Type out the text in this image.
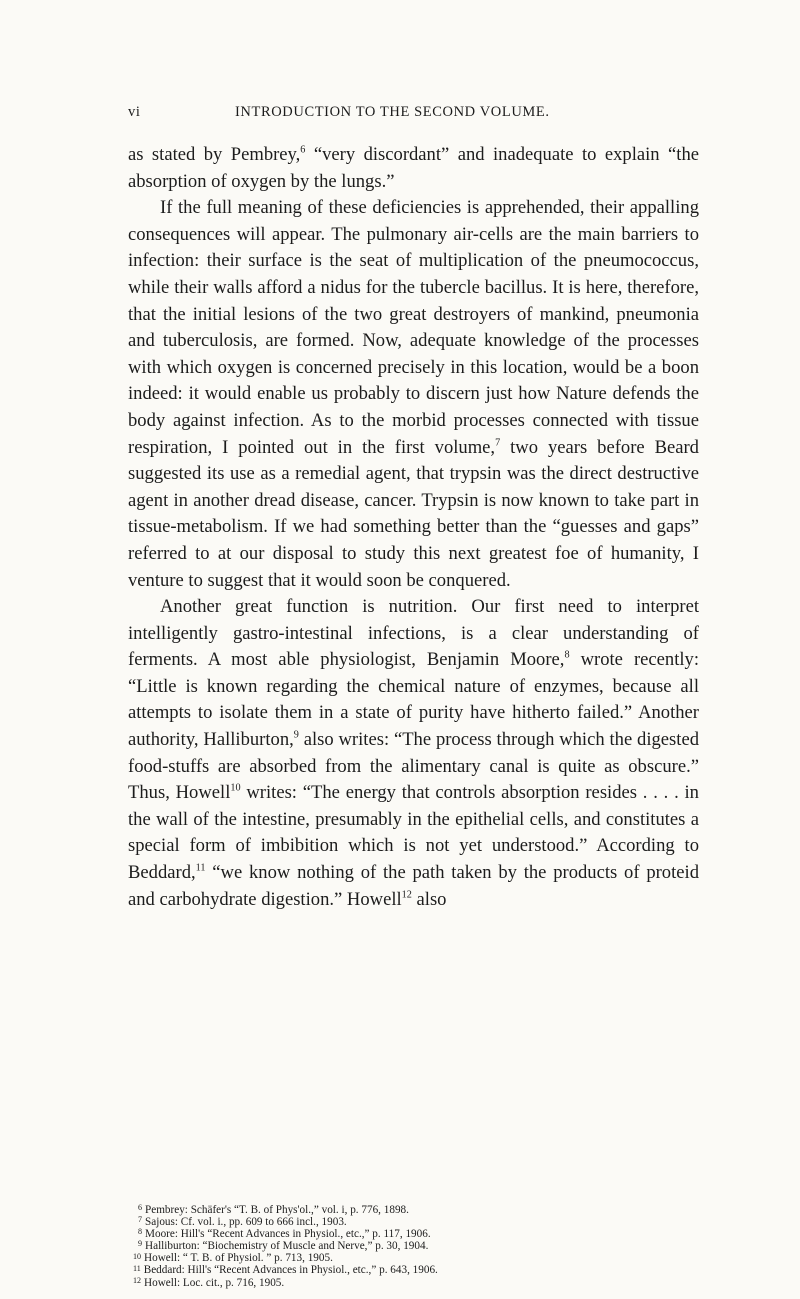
vi	INTRODUCTION TO THE SECOND VOLUME.

as stated by Pembrey,$^6$ “very discordant” and inadequate to explain “the absorption of oxygen by the lungs.”

If the full meaning of these deficiencies is apprehended, their appalling consequences will appear. The pulmonary air-cells are the main barriers to infection: their surface is the seat of multiplication of the pneumococcus, while their walls afford a nidus for the tubercle bacillus. It is here, therefore, that the initial lesions of the two great destroyers of mankind, pneumonia and tuberculosis, are formed. Now, adequate knowledge of the processes with which oxygen is concerned precisely in this location, would be a boon indeed: it would enable us probably to discern just how Nature defends the body against infection. As to the morbid processes connected with tissue respiration, I pointed out in the first volume,$^7$ two years before Beard suggested its use as a remedial agent, that trypsin was the direct destructive agent in another dread disease, cancer. Trypsin is now known to take part in tissue-metabolism. If we had something better than the “guesses and gaps” referred to at our disposal to study this next greatest foe of humanity, I venture to suggest that it would soon be conquered.

Another great function is nutrition. Our first need to interpret intelligently gastro-intestinal infections, is a clear understanding of ferments. A most able physiologist, Benjamin Moore,$^8$ wrote recently: “Little is known regarding the chemical nature of enzymes, because all attempts to isolate them in a state of purity have hitherto failed.” Another authority, Halliburton,$^9$ also writes: “The process through which the digested food-stuffs are absorbed from the alimentary canal is quite as obscure.” Thus, Howell$^{10}$ writes: “The energy that controls absorption resides . . . . in the wall of the intestine, presumably in the epithelial cells, and constitutes a special form of imbibition which is not yet understood.” According to Beddard,$^{11}$ “we know nothing of the path taken by the products of proteid and carbohydrate digestion.” Howell$^{12}$ also

$^6$ Pembrey: Schäfer's “T. B. of Phys'ol.,” vol. i, p. 776, 1898.
$^7$ Sajous: Cf. vol. i., pp. 609 to 666 incl., 1903.
$^8$ Moore: Hill's “Recent Advances in Physiol., etc.,” p. 117, 1906.
$^9$ Halliburton: “Biochemistry of Muscle and Nerve,” p. 30, 1904.
$^{10}$ Howell: “ T. B. of Physiol. ” p. 713, 1905.
$^{11}$ Beddard: Hill's “Recent Advances in Physiol., etc.,” p. 643, 1906.
$^{12}$ Howell: Loc. cit., p. 716, 1905.
